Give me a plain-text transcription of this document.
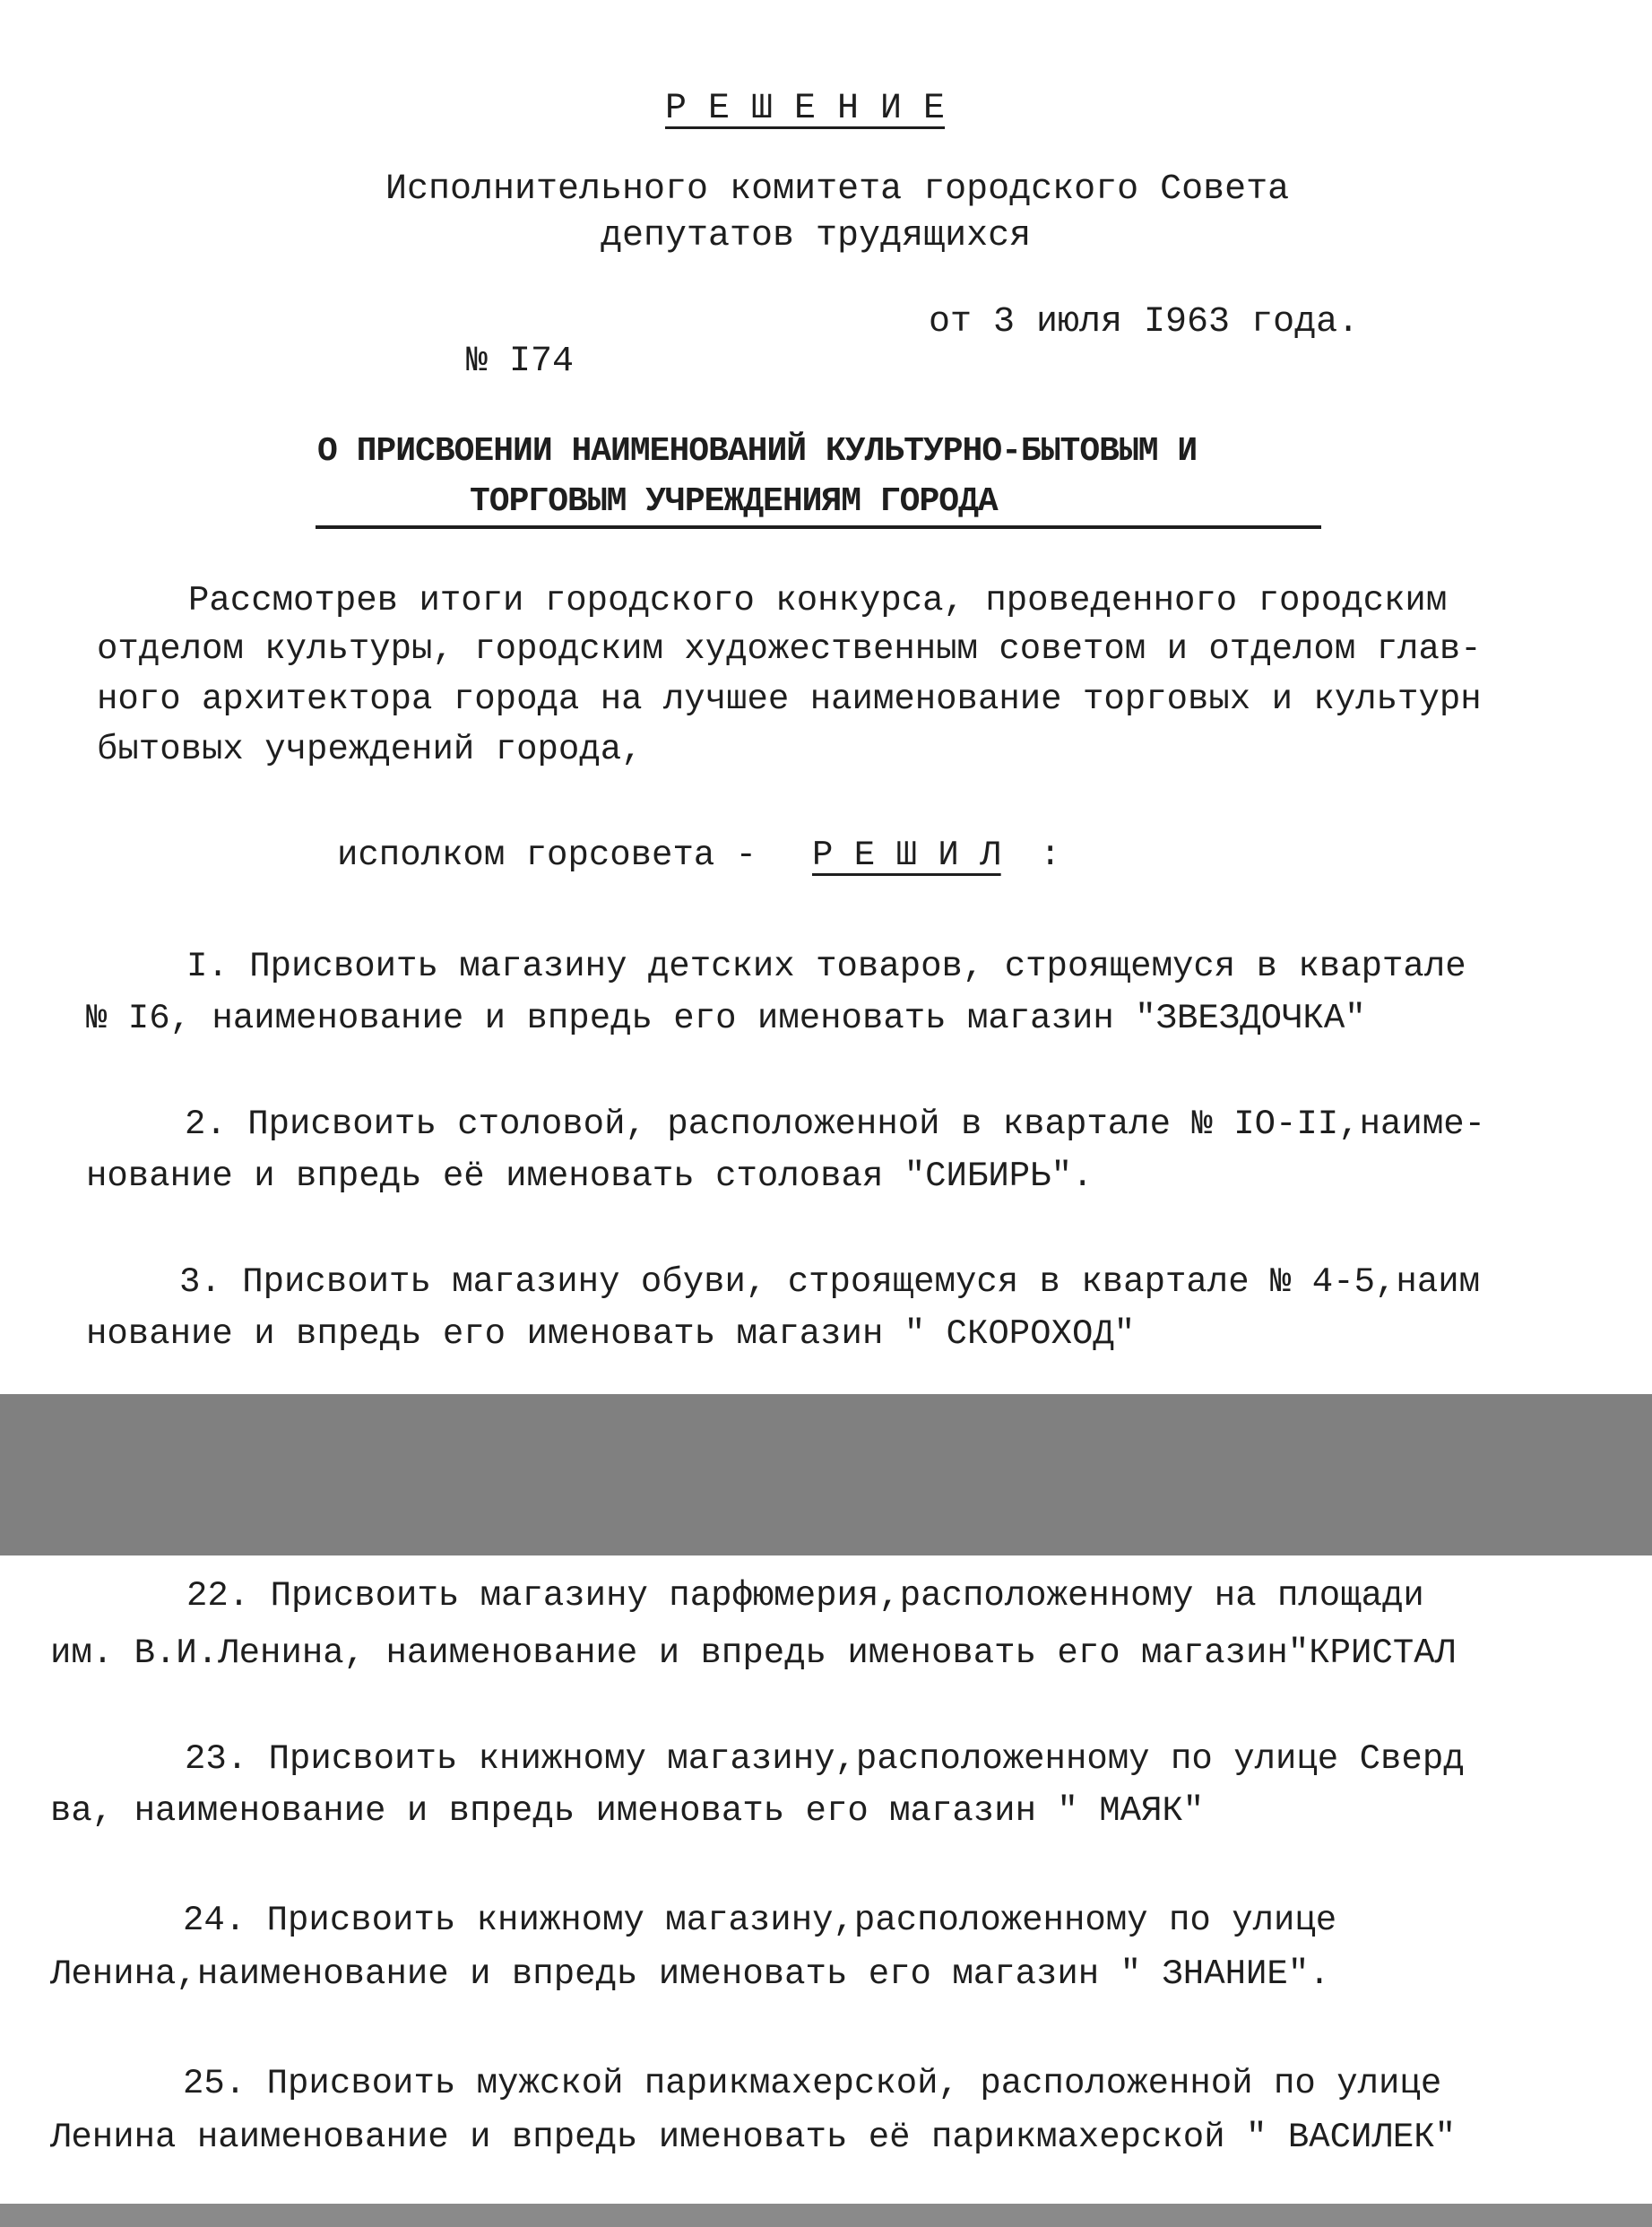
Р Е Ш Е Н И Е
Исполнительного комитета городского Совета
депутатов трудящихся
от 3 июля I963 года.
№ I74
О ПРИСВОЕНИИ НАИМЕНОВАНИЙ КУЛЬТУРНО-БЫТОВЫМ И
ТОРГОВЫМ УЧРЕЖДЕНИЯМ ГОРОДА
Рассмотрев итоги городского конкурса, проведенного городским
отделом культуры, городским художественным советом и отделом глав-
ного архитектора города на лучшее наименование торговых и культурн
бытовых учреждений города,
исполком горсовета - Р Е Ш И Л :
I. Присвоить магазину детских товаров, строящемуся в квартале
№ I6, наименование и впредь его именовать магазин "ЗВЕЗДОЧКА"
2. Присвоить столовой, расположенной в квартале № IO-II,наиме-
нование и впредь её именовать столовая "СИБИРЬ".
3. Присвоить магазину обуви, строящемуся в квартале № 4-5,наим
нование и впредь его именовать магазин " СКОРОХОД"
22. Присвоить магазину парфюмерия,расположенному на площади
им. В.И.Ленина, наименование и впредь именовать его магазин"КРИСТАЛ
23. Присвоить книжному магазину,расположенному по улице Сверд
ва, наименование и впредь именовать его магазин " МАЯК"
24. Присвоить книжному магазину,расположенному по улице
Ленина,наименование и впредь именовать его магазин " ЗНАНИЕ".
25. Присвоить мужской парикмахерской, расположенной по улице
Ленина наименование и впредь именовать её парикмахерской " ВАСИЛЕК"
